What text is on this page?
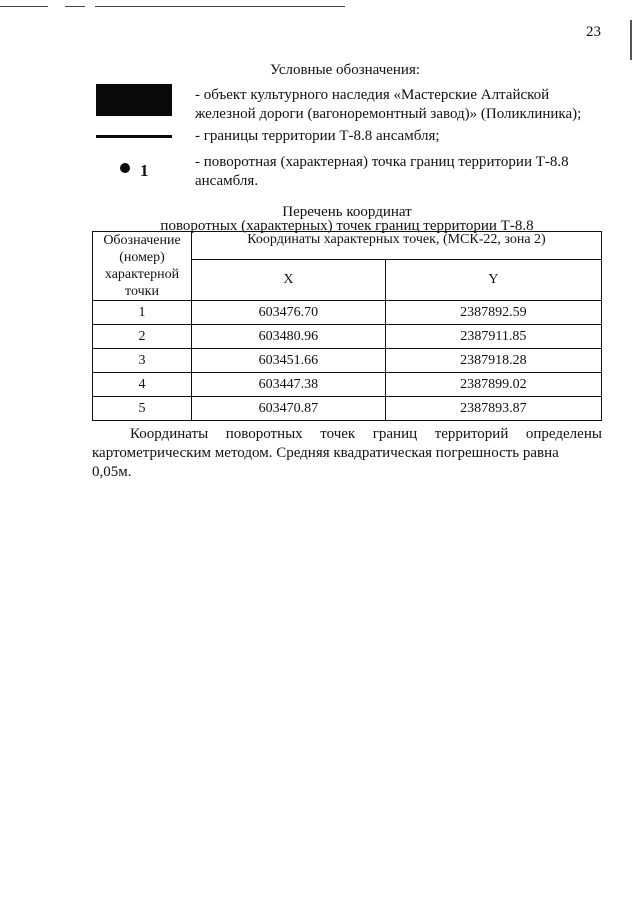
23
Условные обозначения:
- объект культурного наследия «Мастерские Алтайской
железной дороги (вагоноремонтный завод)» (Поликлиника);
- границы территории Т-8.8 ансамбля;
1	- поворотная (характерная) точка границ территории Т-8.8
ансамбля.
Перечень координат
поворотных (характерных) точек границ территории Т-8.8
Обозначение
(номер)
характерной
точки	Координаты характерных точек, (МСК-22, зона 2)	
	X	Y
1	603476.70	2387892.59
2	603480.96	2387911.85
3	603451.66	2387918.28
4	603447.38	2387899.02
5	603470.87	2387893.87
Координаты поворотных точек границ территорий определены
картометрическим методом. Средняя квадратическая погрешность равна 0,05м.
